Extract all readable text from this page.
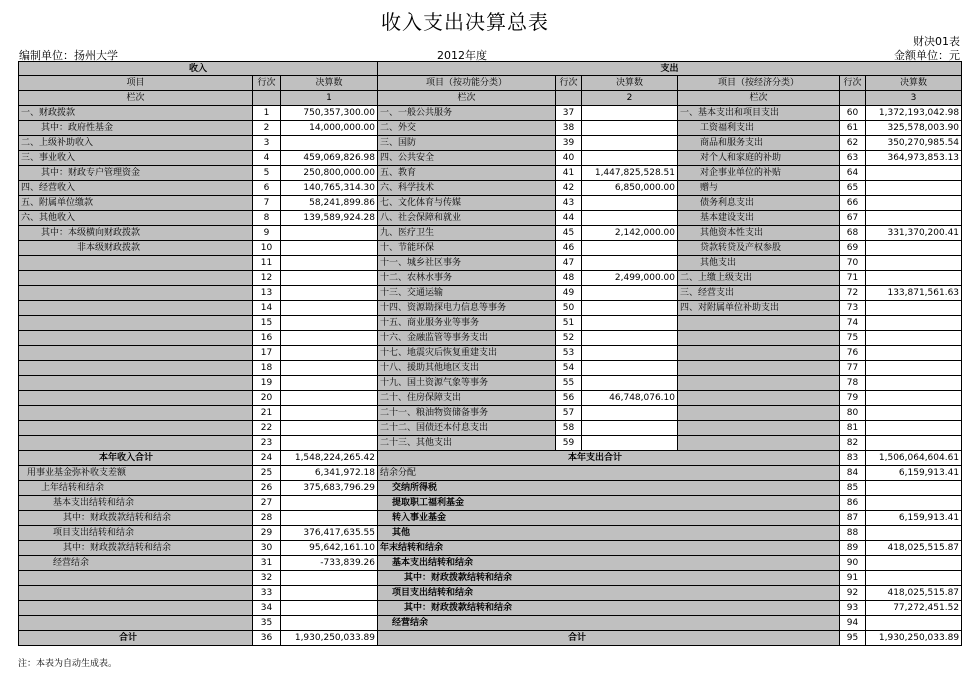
收入支出决算总表
财决01表
编制单位：扬州大学	2012年度	金额单位：元
收入			支出					
项目	行次	决算数	项目（按功能分类）	行次	决算数	项目（按经济分类）	行次	决算数
栏次		1	栏次		2	栏次		3
一、财政拨款	1	750,357,300.00	一、一般公共服务	37		一、基本支出和项目支出	60	1,372,193,042.98
其中：政府性基金	2	14,000,000.00	二、外交	38		工资福利支出	61	325,578,003.90
二、上级补助收入	3		三、国防	39		商品和服务支出	62	350,270,985.54
三、事业收入	4	459,069,826.98	四、公共安全	40		对个人和家庭的补助	63	364,973,853.13
其中：财政专户管理资金	5	250,800,000.00	五、教育	41	1,447,825,528.51	对企事业单位的补贴	64	
四、经营收入	6	140,765,314.30	六、科学技术	42	6,850,000.00	赠与	65	
五、附属单位缴款	7	58,241,899.86	七、文化体育与传媒	43		债务利息支出	66	
六、其他收入	8	139,589,924.28	八、社会保障和就业	44		基本建设支出	67	
其中：本级横向财政拨款	9		九、医疗卫生	45	2,142,000.00	其他资本性支出	68	331,370,200.41
非本级财政拨款	10		十、节能环保	46		贷款转贷及产权参股	69	
	11		十一、城乡社区事务	47		其他支出	70	
	12		十二、农林水事务	48	2,499,000.00	二、上缴上级支出	71	
	13		十三、交通运输	49		三、经营支出	72	133,871,561.63
	14		十四、资源勘探电力信息等事务	50		四、对附属单位补助支出	73	
	15		十五、商业服务业等事务	51			74	
	16		十六、金融监管等事务支出	52			75	
	17		十七、地震灾后恢复重建支出	53			76	
	18		十八、援助其他地区支出	54			77	
	19		十九、国土资源气象等事务	55			78	
	20		二十、住房保障支出	56	46,748,076.10		79	
	21		二十一、粮油物资储备事务	57			80	
	22		二十二、国债还本付息支出	58			81	
	23		二十三、其他支出	59			82	
本年收入合计	24	1,548,224,265.42	本年支出合计				83	1,506,064,604.61
用事业基金弥补收支差额	25	6,341,972.18	结余分配				84	6,159,913.41
上年结转和结余	26	375,683,796.29	交纳所得税				85	
基本支出结转和结余	27		提取职工福利基金				86	
其中：财政拨款结转和结余	28		转入事业基金				87	6,159,913.41
项目支出结转和结余	29	376,417,635.55	其他				88	
其中：财政拨款结转和结余	30	95,642,161.10	年末结转和结余				89	418,025,515.87
经营结余	31	-733,839.26	基本支出结转和结余				90	
	32		其中：财政拨款结转和结余				91	
	33		项目支出结转和结余				92	418,025,515.87
	34		其中：财政拨款结转和结余				93	77,272,451.52
	35		经营结余				94	
合计	36	1,930,250,033.89	合计				95	1,930,250,033.89
注：本表为自动生成表。
